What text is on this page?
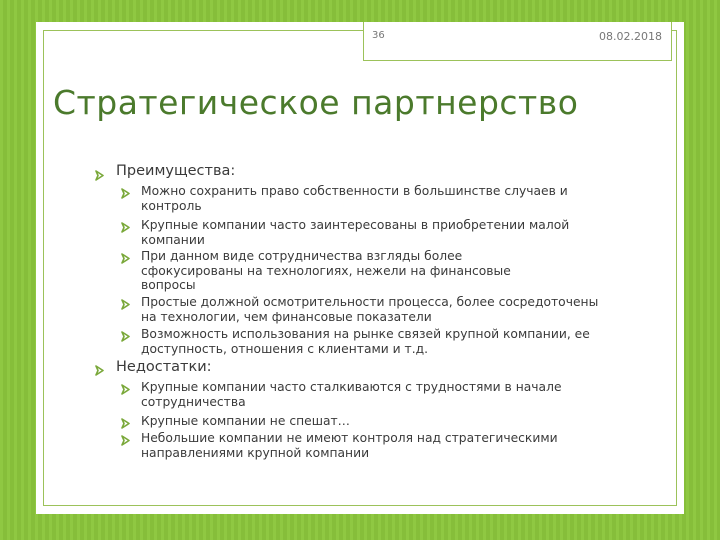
36	08.02.2018
Стратегическое партнерство
Преимущества:
Можно сохранить право собственности в большинстве случаев и контроль
Крупные компании часто заинтересованы в приобретении малой компании
При данном виде сотрудничества взгляды более сфокусированы на технологиях, нежели на финансовые вопросы
Простые должной осмотрительности процесса, более сосредоточены на технологии, чем финансовые показатели
Возможность использования на рынке связей крупной компании, ее доступность, отношения с клиентами и т.д.
Недостатки:
Крупные компании часто сталкиваются с трудностями в начале сотрудничества
Крупные компании не спешат…
Небольшие компании не имеют контроля над стратегическими направлениями крупной компании
